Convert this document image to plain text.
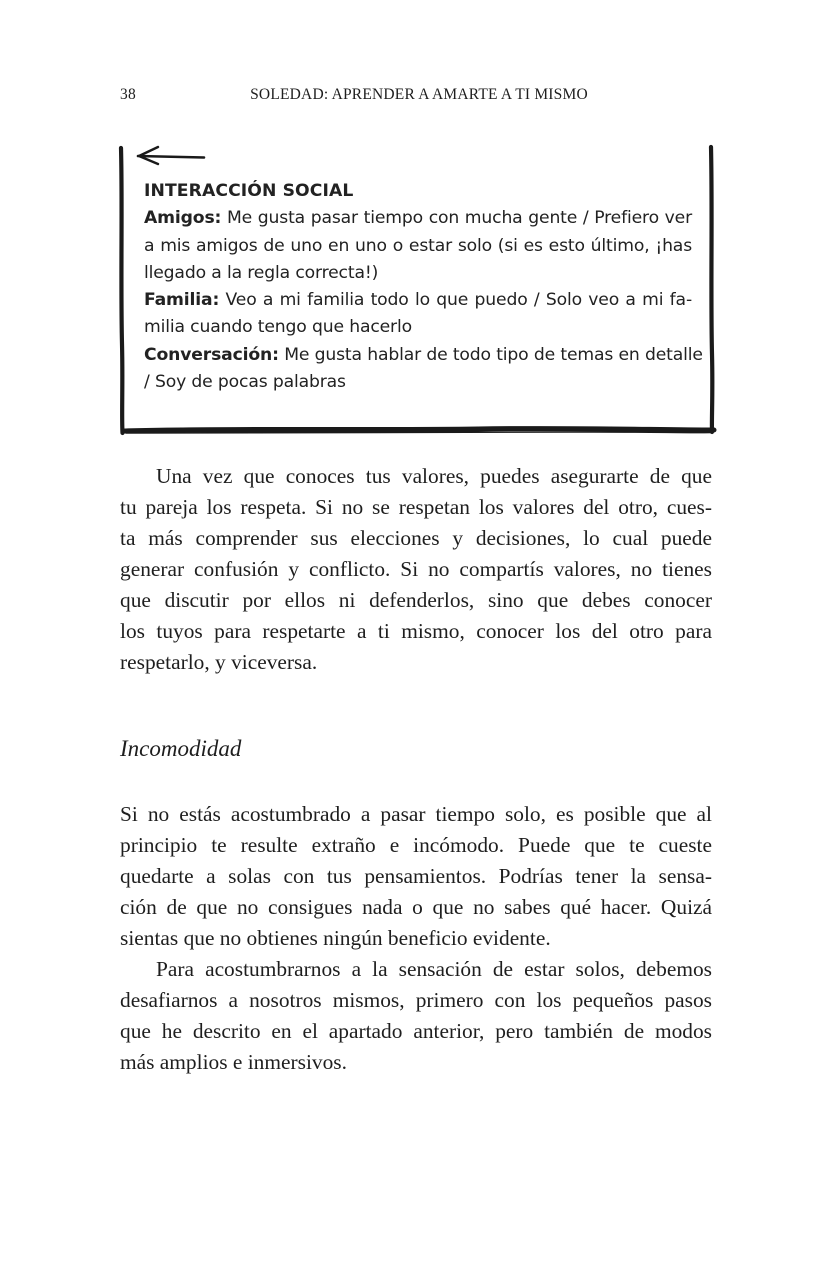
38	SOLEDAD: APRENDER A AMARTE A TI MISMO
INTERACCIÓN SOCIAL
Amigos: Me gusta pasar tiempo con mucha gente / Prefiero ver
a mis amigos de uno en uno o estar solo (si es esto último, ¡has
llegado a la regla correcta!)
Familia: Veo a mi familia todo lo que puedo / Solo veo a mi fa-
milia cuando tengo que hacerlo
Conversación: Me gusta hablar de todo tipo de temas en detalle
/ Soy de pocas palabras
Una vez que conoces tus valores, puedes asegurarte de que
tu pareja los respeta. Si no se respetan los valores del otro, cues-
ta más comprender sus elecciones y decisiones, lo cual puede
generar confusión y conflicto. Si no compartís valores, no tienes
que discutir por ellos ni defenderlos, sino que debes conocer
los tuyos para respetarte a ti mismo, conocer los del otro para
respetarlo, y viceversa.
Incomodidad
Si no estás acostumbrado a pasar tiempo solo, es posible que al
principio te resulte extraño e incómodo. Puede que te cueste
quedarte a solas con tus pensamientos. Podrías tener la sensa-
ción de que no consigues nada o que no sabes qué hacer. Quizá
sientas que no obtienes ningún beneficio evidente.
Para acostumbrarnos a la sensación de estar solos, debemos
desafiarnos a nosotros mismos, primero con los pequeños pasos
que he descrito en el apartado anterior, pero también de modos
más amplios e inmersivos.
